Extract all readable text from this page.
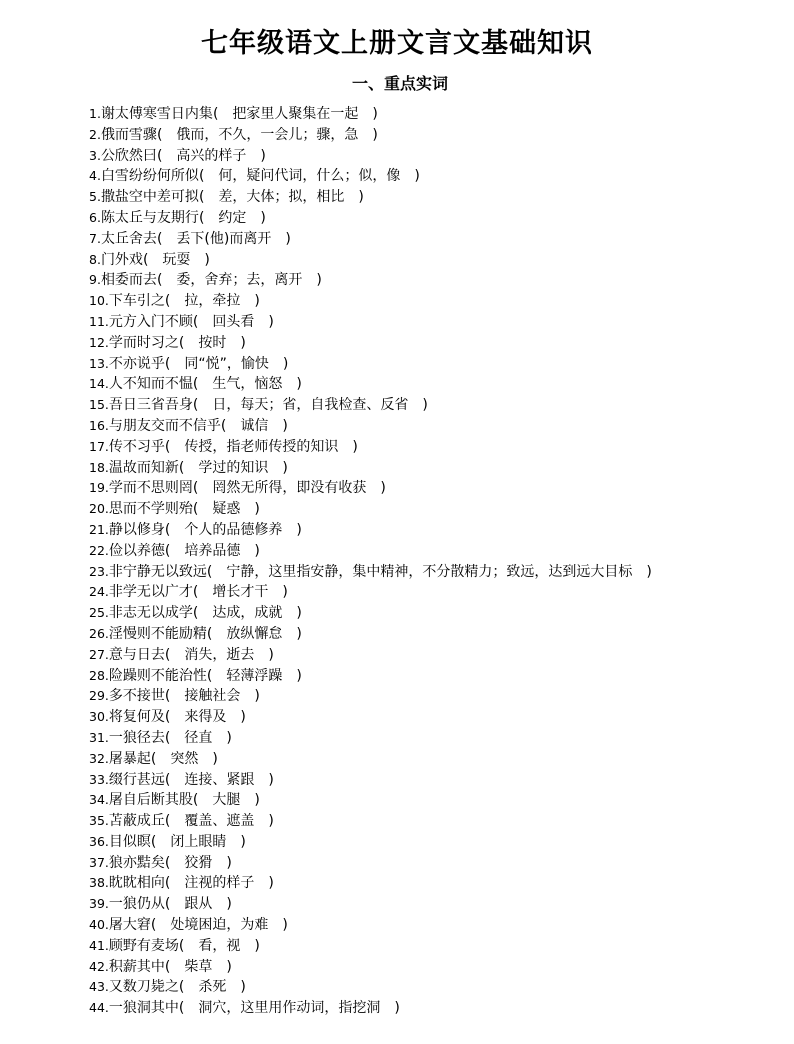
七年级语文上册文言文基础知识
一、重点实词
1.谢太傅寒雪日内集( 把家里人聚集在一起 )
2.俄而雪骤( 俄而，不久，一会儿；骤，急 )
3.公欣然曰( 高兴的样子 )
4.白雪纷纷何所似( 何，疑问代词，什么；似，像 )
5.撒盐空中差可拟( 差，大体；拟，相比 )
6.陈太丘与友期行( 约定 )
7.太丘舍去( 丢下(他)而离开 )
8.门外戏( 玩耍 )
9.相委而去( 委，舍弃；去，离开 )
10.下车引之( 拉，牵拉 )
11.元方入门不顾( 回头看 )
12.学而时习之( 按时 )
13.不亦说乎( 同“悦”，愉快 )
14.人不知而不愠( 生气，恼怒 )
15.吾日三省吾身( 日，每天；省，自我检查、反省 )
16.与朋友交而不信乎( 诚信 )
17.传不习乎( 传授，指老师传授的知识 )
18.温故而知新( 学过的知识 )
19.学而不思则罔( 罔然无所得，即没有收获 )
20.思而不学则殆( 疑惑 )
21.静以修身( 个人的品德修养 )
22.俭以养德( 培养品德 )
23.非宁静无以致远( 宁静，这里指安静，集中精神，不分散精力；致远，达到远大目标 )
24.非学无以广才( 增长才干 )
25.非志无以成学( 达成，成就 )
26.淫慢则不能励精( 放纵懈怠 )
27.意与日去( 消失，逝去 )
28.险躁则不能治性( 轻薄浮躁 )
29.多不接世( 接触社会 )
30.将复何及( 来得及 )
31.一狼径去( 径直 )
32.屠暴起( 突然 )
33.缀行甚远( 连接、紧跟 )
34.屠自后断其股( 大腿 )
35.苫蔽成丘( 覆盖、遮盖 )
36.目似瞑( 闭上眼睛 )
37.狼亦黠矣( 狡猾 )
38.眈眈相向( 注视的样子 )
39.一狼仍从( 跟从 )
40.屠大窘( 处境困迫，为难 )
41.顾野有麦场( 看，视 )
42.积薪其中( 柴草 )
43.又数刀毙之( 杀死 )
44.一狼洞其中( 洞穴，这里用作动词，指挖洞 )
